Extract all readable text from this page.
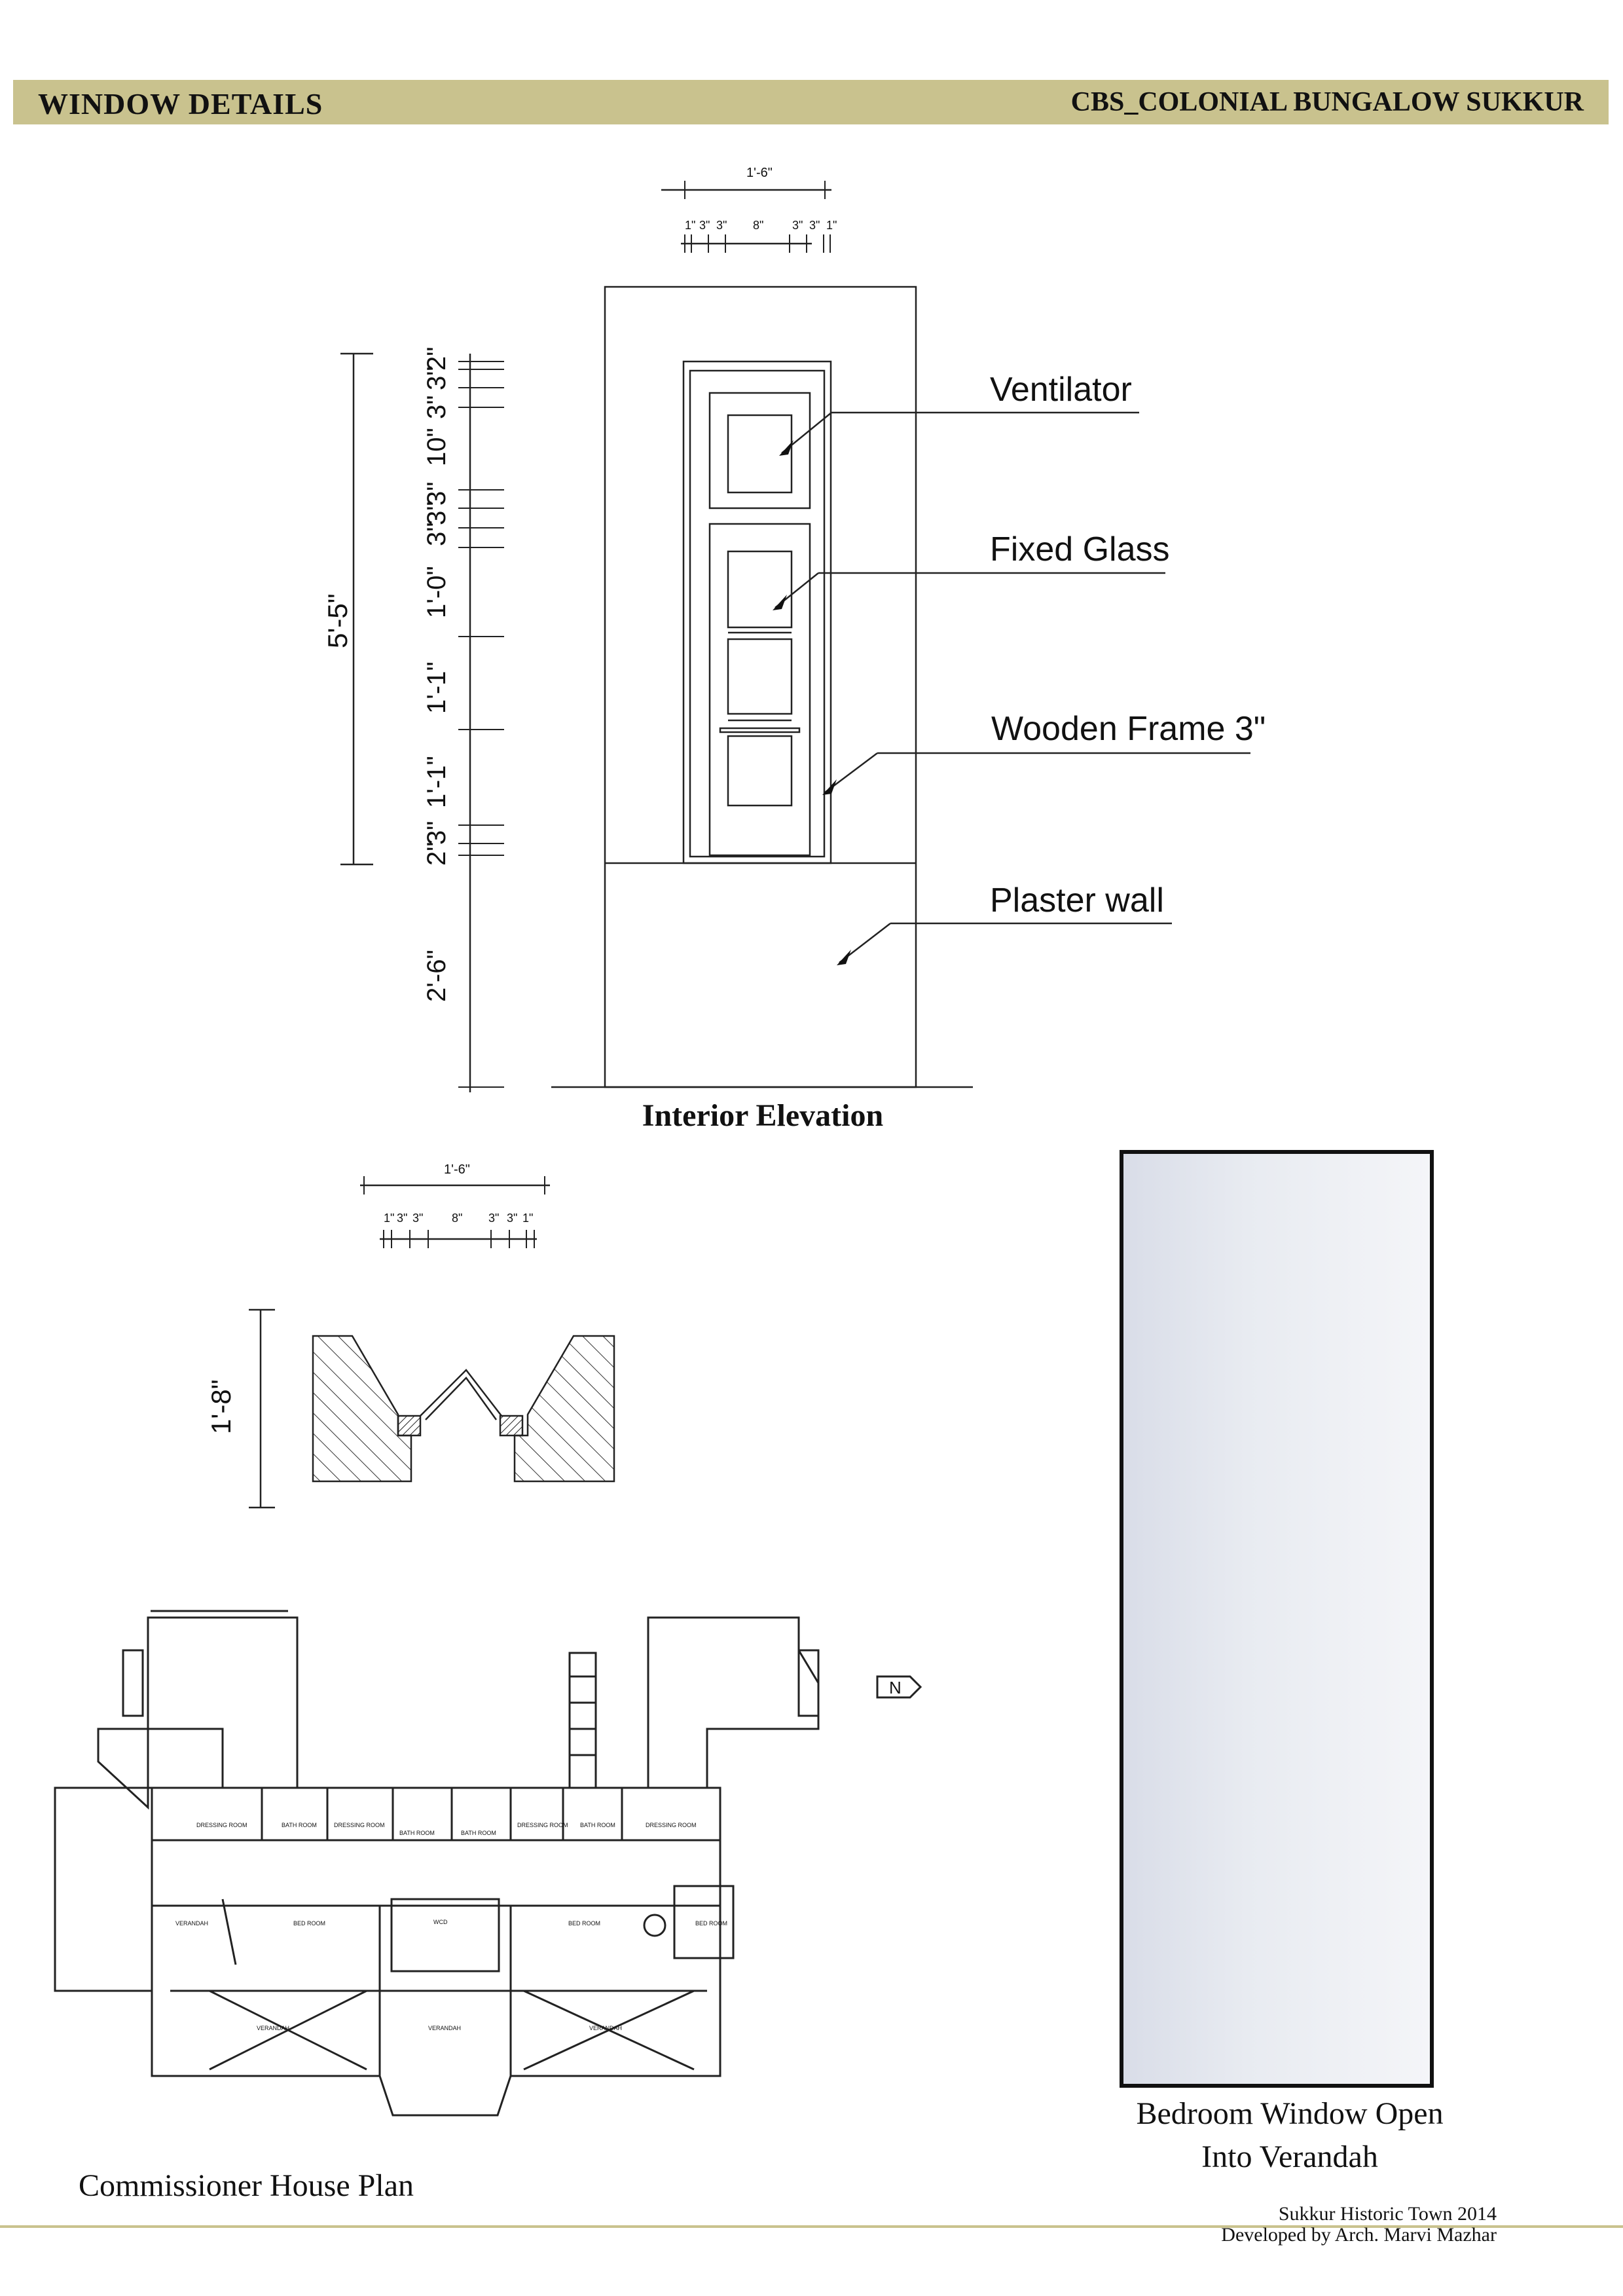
WINDOW DETAILS	CBS_COLONIAL BUNGALOW SUKKUR
1'-6"
1" 3" 3" 8" 3" 3" 1"
5'-5"
3"
3"
2"
10"
3"
3"
3"
1'-0"
1'-1"
1'-1"
2"
3"
2'-6"
Ventilator
Fixed Glass
Wooden Frame 3"
Plaster wall
1'-6"
1" 3" 3" 8" 3" 3" 1"
1'-8"
N
DRESSING ROOM	BATH ROOM	DRESSING ROOM
BATH ROOM	BATH ROOM
DRESSING ROOM BATH ROOM	DRESSING ROOM
VERANDAH	BED ROOM	WCD	BED ROOM	BED ROOM
VERANDAH	VERANDAH	VERANDAH
Interior Elevation
Bedroom Window Open
Into Verandah
Commissioner House Plan
Sukkur Historic Town 2014
Developed by Arch. Marvi Mazhar
